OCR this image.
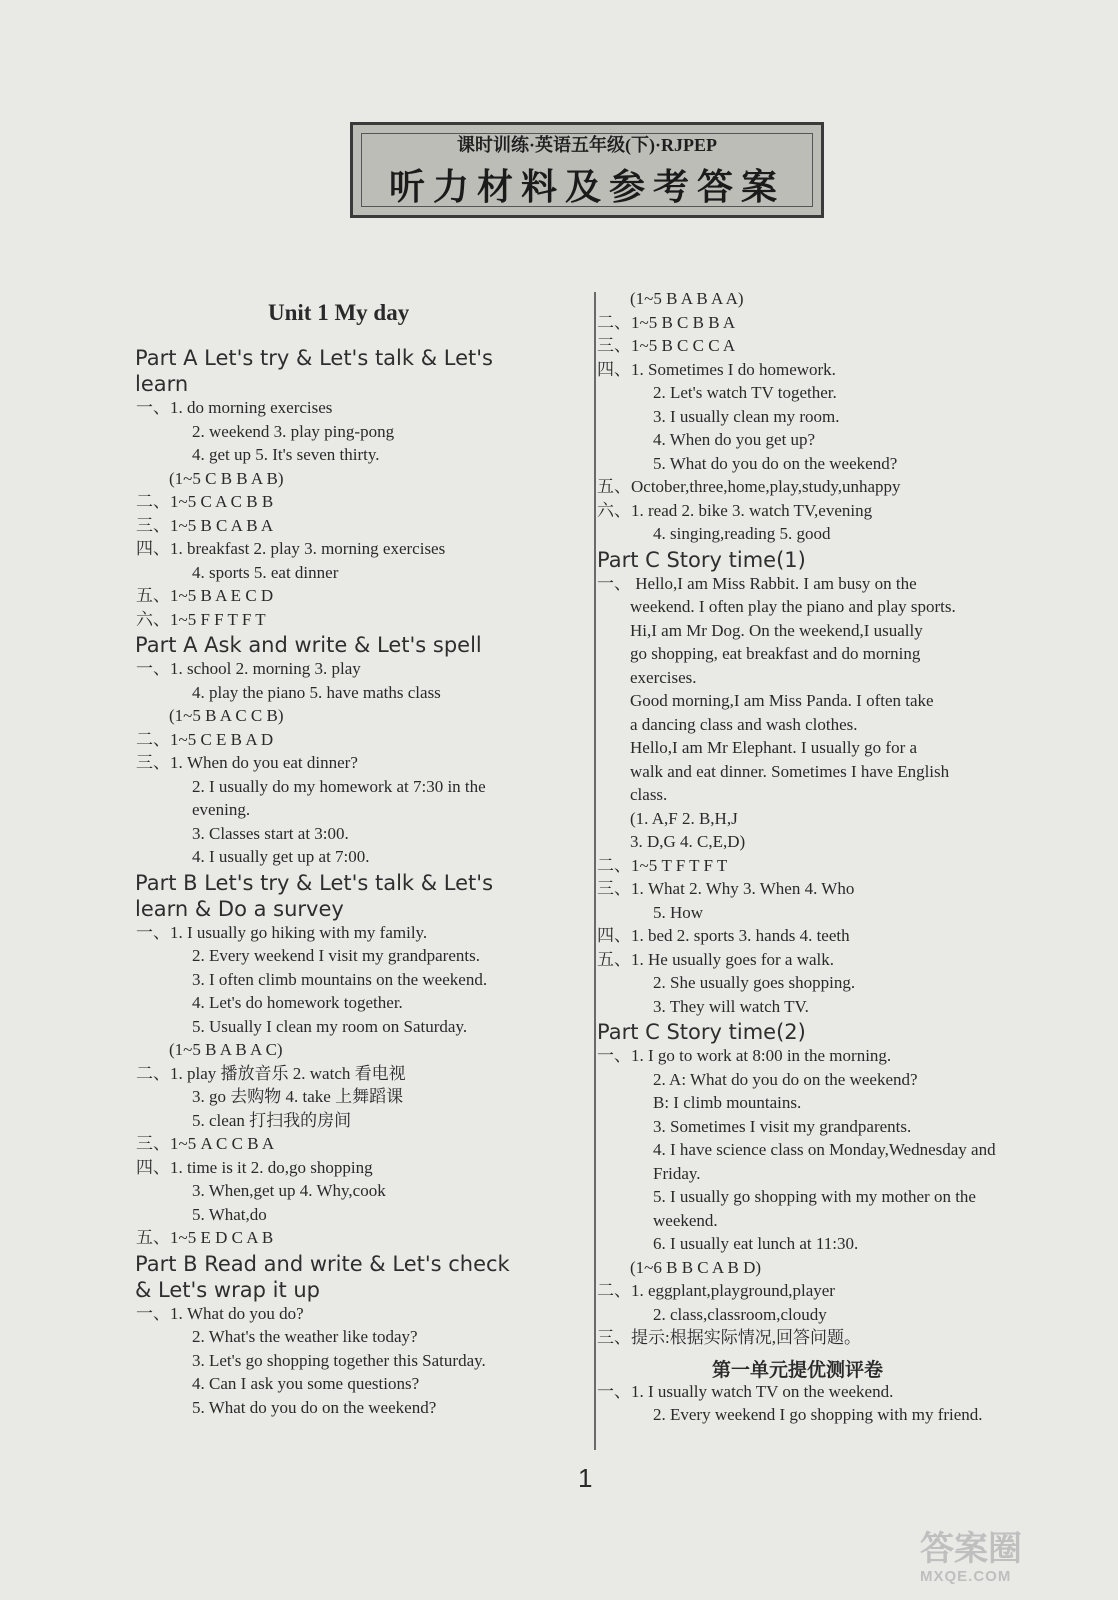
课时训练·英语五年级(下)·RJPEP
听力材料及参考答案
Unit 1 My day
Part A Let's try & Let's talk & Let's
learn
一、1. do morning exercises
2. weekend 3. play ping-pong
4. get up 5. It's seven thirty.
(1~5 C B B A B)
二、1~5 C A C B B
三、1~5 B C A B A
四、1. breakfast 2. play 3. morning exercises
4. sports 5. eat dinner
五、1~5 B A E C D
六、1~5 F F T F T
Part A Ask and write & Let's spell
一、1. school 2. morning 3. play
4. play the piano 5. have maths class
(1~5 B A C C B)
二、1~5 C E B A D
三、1. When do you eat dinner?
2. I usually do my homework at 7:30 in the
evening.
3. Classes start at 3:00.
4. I usually get up at 7:00.
Part B Let's try & Let's talk & Let's
learn & Do a survey
一、1. I usually go hiking with my family.
2. Every weekend I visit my grandparents.
3. I often climb mountains on the weekend.
4. Let's do homework together.
5. Usually I clean my room on Saturday.
(1~5 B A B A C)
二、1. play 播放音乐 2. watch 看电视
3. go 去购物 4. take 上舞蹈课
5. clean 打扫我的房间
三、1~5 A C C B A
四、1. time is it 2. do,go shopping
3. When,get up 4. Why,cook
5. What,do
五、1~5 E D C A B
Part B Read and write & Let's check
& Let's wrap it up
一、1. What do you do?
2. What's the weather like today?
3. Let's go shopping together this Saturday.
4. Can I ask you some questions?
5. What do you do on the weekend?
(1~5 B A B A A)
二、1~5 B C B B A
三、1~5 B C C C A
四、1. Sometimes I do homework.
2. Let's watch TV together.
3. I usually clean my room.
4. When do you get up?
5. What do you do on the weekend?
五、October,three,home,play,study,unhappy
六、1. read 2. bike 3. watch TV,evening
4. singing,reading 5. good
Part C Story time(1)
一、 Hello,I am Miss Rabbit. I am busy on the
weekend. I often play the piano and play sports.
Hi,I am Mr Dog. On the weekend,I usually
go shopping, eat breakfast and do morning
exercises.
Good morning,I am Miss Panda. I often take
a dancing class and wash clothes.
Hello,I am Mr Elephant. I usually go for a
walk and eat dinner. Sometimes I have English
class.
(1. A,F 2. B,H,J
3. D,G 4. C,E,D)
二、1~5 T F T F T
三、1. What 2. Why 3. When 4. Who
5. How
四、1. bed 2. sports 3. hands 4. teeth
五、1. He usually goes for a walk.
2. She usually goes shopping.
3. They will watch TV.
Part C Story time(2)
一、1. I go to work at 8:00 in the morning.
2. A: What do you do on the weekend?
B: I climb mountains.
3. Sometimes I visit my grandparents.
4. I have science class on Monday,Wednesday and
Friday.
5. I usually go shopping with my mother on the
weekend.
6. I usually eat lunch at 11:30.
(1~6 B B C A B D)
二、1. eggplant,playground,player
2. class,classroom,cloudy
三、提示:根据实际情况,回答问题。
第一单元提优测评卷
一、1. I usually watch TV on the weekend.
2. Every weekend I go shopping with my friend.
1
答案圈
MXQE.COM
